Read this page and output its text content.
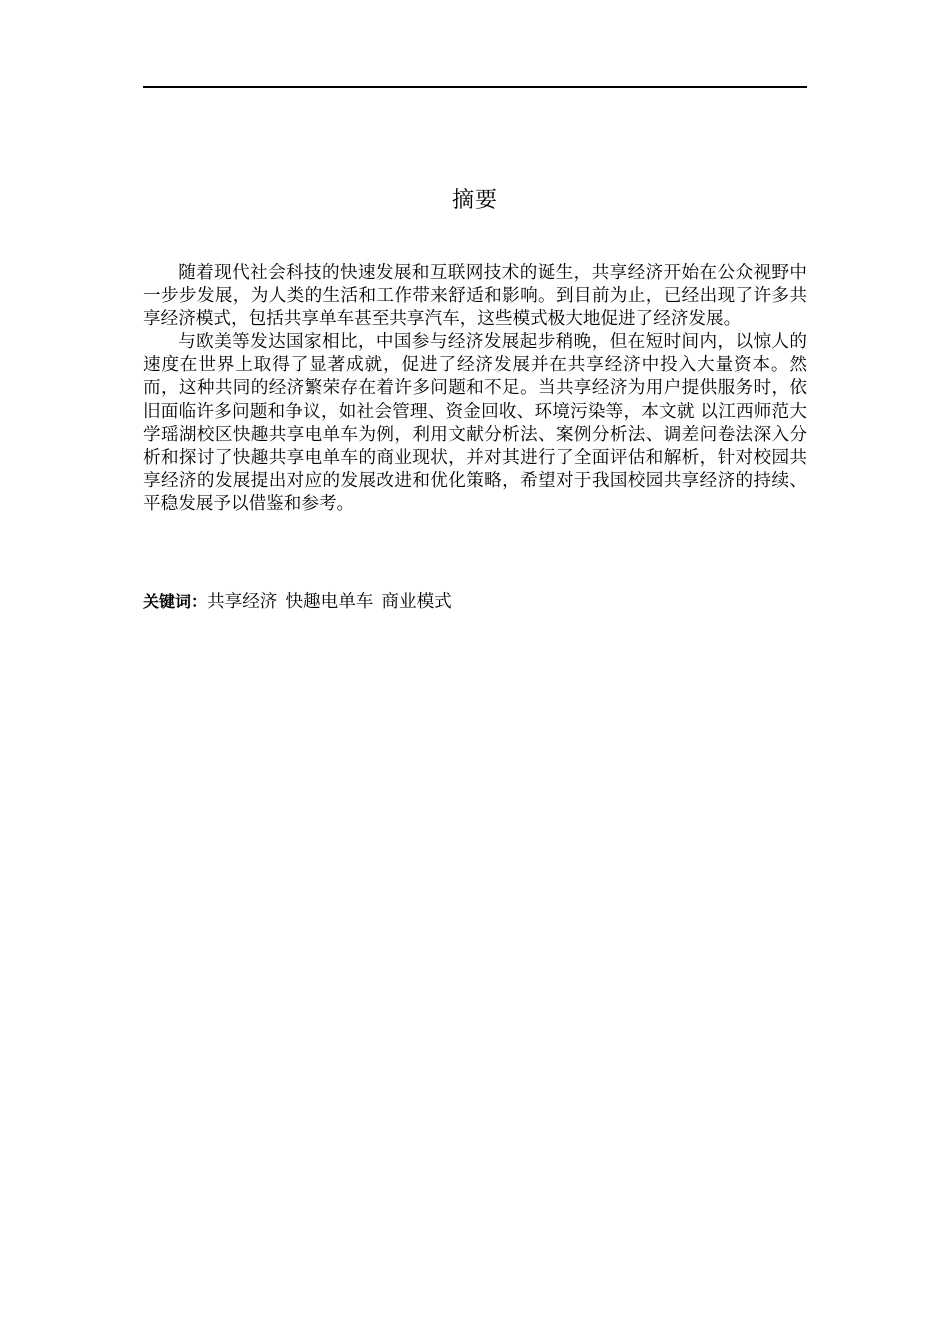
摘要

随着现代社会科技的快速发展和互联网技术的诞生，共享经济开始在公众视野中一步步发展，为人类的生活和工作带来舒适和影响。到目前为止，已经出现了许多共享经济模式，包括共享单车甚至共享汽车，这些模式极大地促进了经济发展。

与欧美等发达国家相比，中国参与经济发展起步稍晚，但在短时间内，以惊人的速度在世界上取得了显著成就，促进了经济发展并在共享经济中投入大量资本。然而，这种共同的经济繁荣存在着许多问题和不足。当共享经济为用户提供服务时，依旧面临许多问题和争议，如社会管理、资金回收、环境污染等，本文就 以江西师范大学瑶湖校区快趣共享电单车为例，利用文献分析法、案例分析法、调差问卷法深入分析和探讨了快趣共享电单车的商业现状，并对其进行了全面评估和解析，针对校园共享经济的发展提出对应的发展改进和优化策略，希望对于我国校园共享经济的持续、平稳发展予以借鉴和参考。

关键词：共享经济 快趣电单车 商业模式
